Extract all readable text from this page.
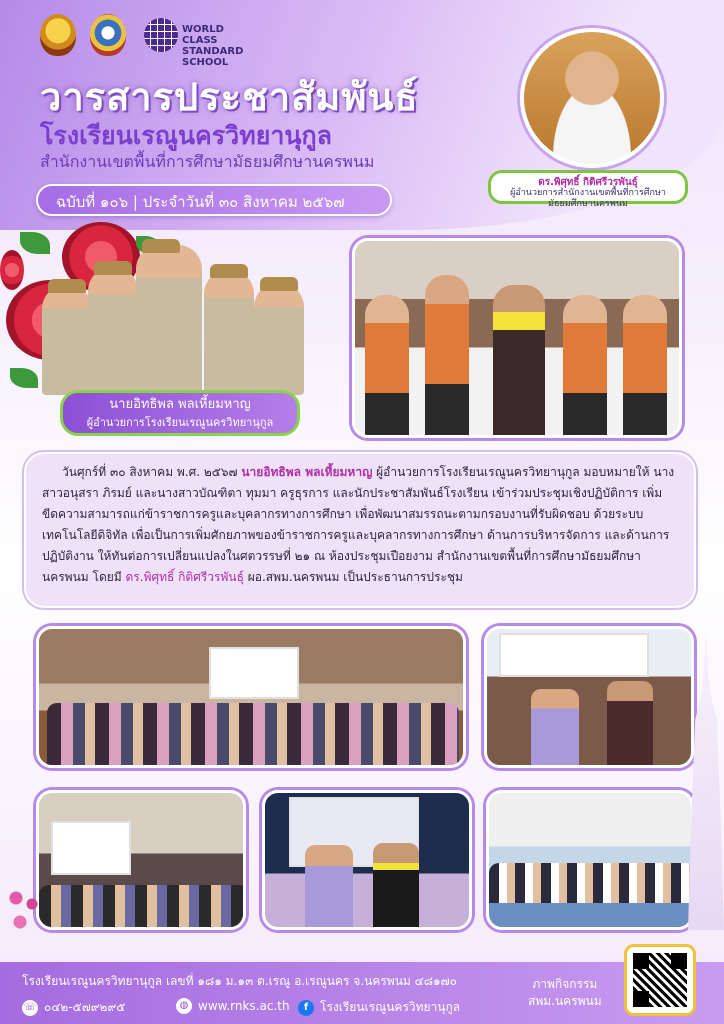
WORLD CLASS STANDARD SCHOOL
วารสารประชาสัมพันธ์
โรงเรียนเรณูนครวิทยานุกูล
สำนักงานเขตพื้นที่การศึกษามัธยมศึกษานครพนม
ฉบับที่ ๑๐๖ | ประจำวันที่ ๓๐ สิงหาคม ๒๕๖๗
ดร.พิศุทธิ์ กิติศรีวรพันธุ์
ผู้อำนวยการสำนักงานเขตพื้นที่การศึกษา
มัธยมศึกษานครพนม
นายอิทธิพล พลเหี้ยมหาญ
ผู้อำนวยการโรงเรียนเรณูนครวิทยานุกูล
วันศุกร์ที่ ๓๐ สิงหาคม พ.ศ. ๒๕๖๗ นายอิทธิพล พลเหี้ยมหาญ ผู้อำนวยการโรงเรียนเรณูนครวิทยานุกูล มอบหมายให้ นางสาวอนุสรา ภิรมย์ และนางสาวบัณฑิตา ทุมมา ครูธุรการ และนักประชาสัมพันธ์โรงเรียน เข้าร่วมประชุมเชิงปฏิบัติการ เพิ่มขีดความสามารถแก่ข้าราชการครูและบุคลากรทางการศึกษา เพื่อพัฒนาสมรรถนะตามกรอบงานที่รับผิดชอบ ด้วยระบบเทคโนโลยีดิจิทัล เพื่อเป็นการเพิ่มศักยภาพของข้าราชการครูและบุคลากรทางการศึกษา ด้านการบริหารจัดการ และด้านการปฏิบัติงาน ให้ทันต่อการเปลี่ยนแปลงในศตวรรษที่ ๒๑ ณ ห้องประชุมเปือยงาม สำนักงานเขตพื้นที่การศึกษามัธยมศึกษานครพนม โดยมี ดร.พิศุทธิ์ กิติศรีวรพันธุ์ ผอ.สพม.นครพนม เป็นประธานการประชุม
โรงเรียนเรณูนครวิทยานุกูล เลขที่ ๑๘๑ ม.๑๓ ต.เรณู อ.เรณูนคร จ.นครพนม ๔๘๑๗๐
☏ ๐๔๒-๕๗๙๒๙๕	◍ www.rnks.ac.th	f โรงเรียนเรณูนครวิทยานุกูล
ภาพกิจกรรม
สพม.นครพนม
